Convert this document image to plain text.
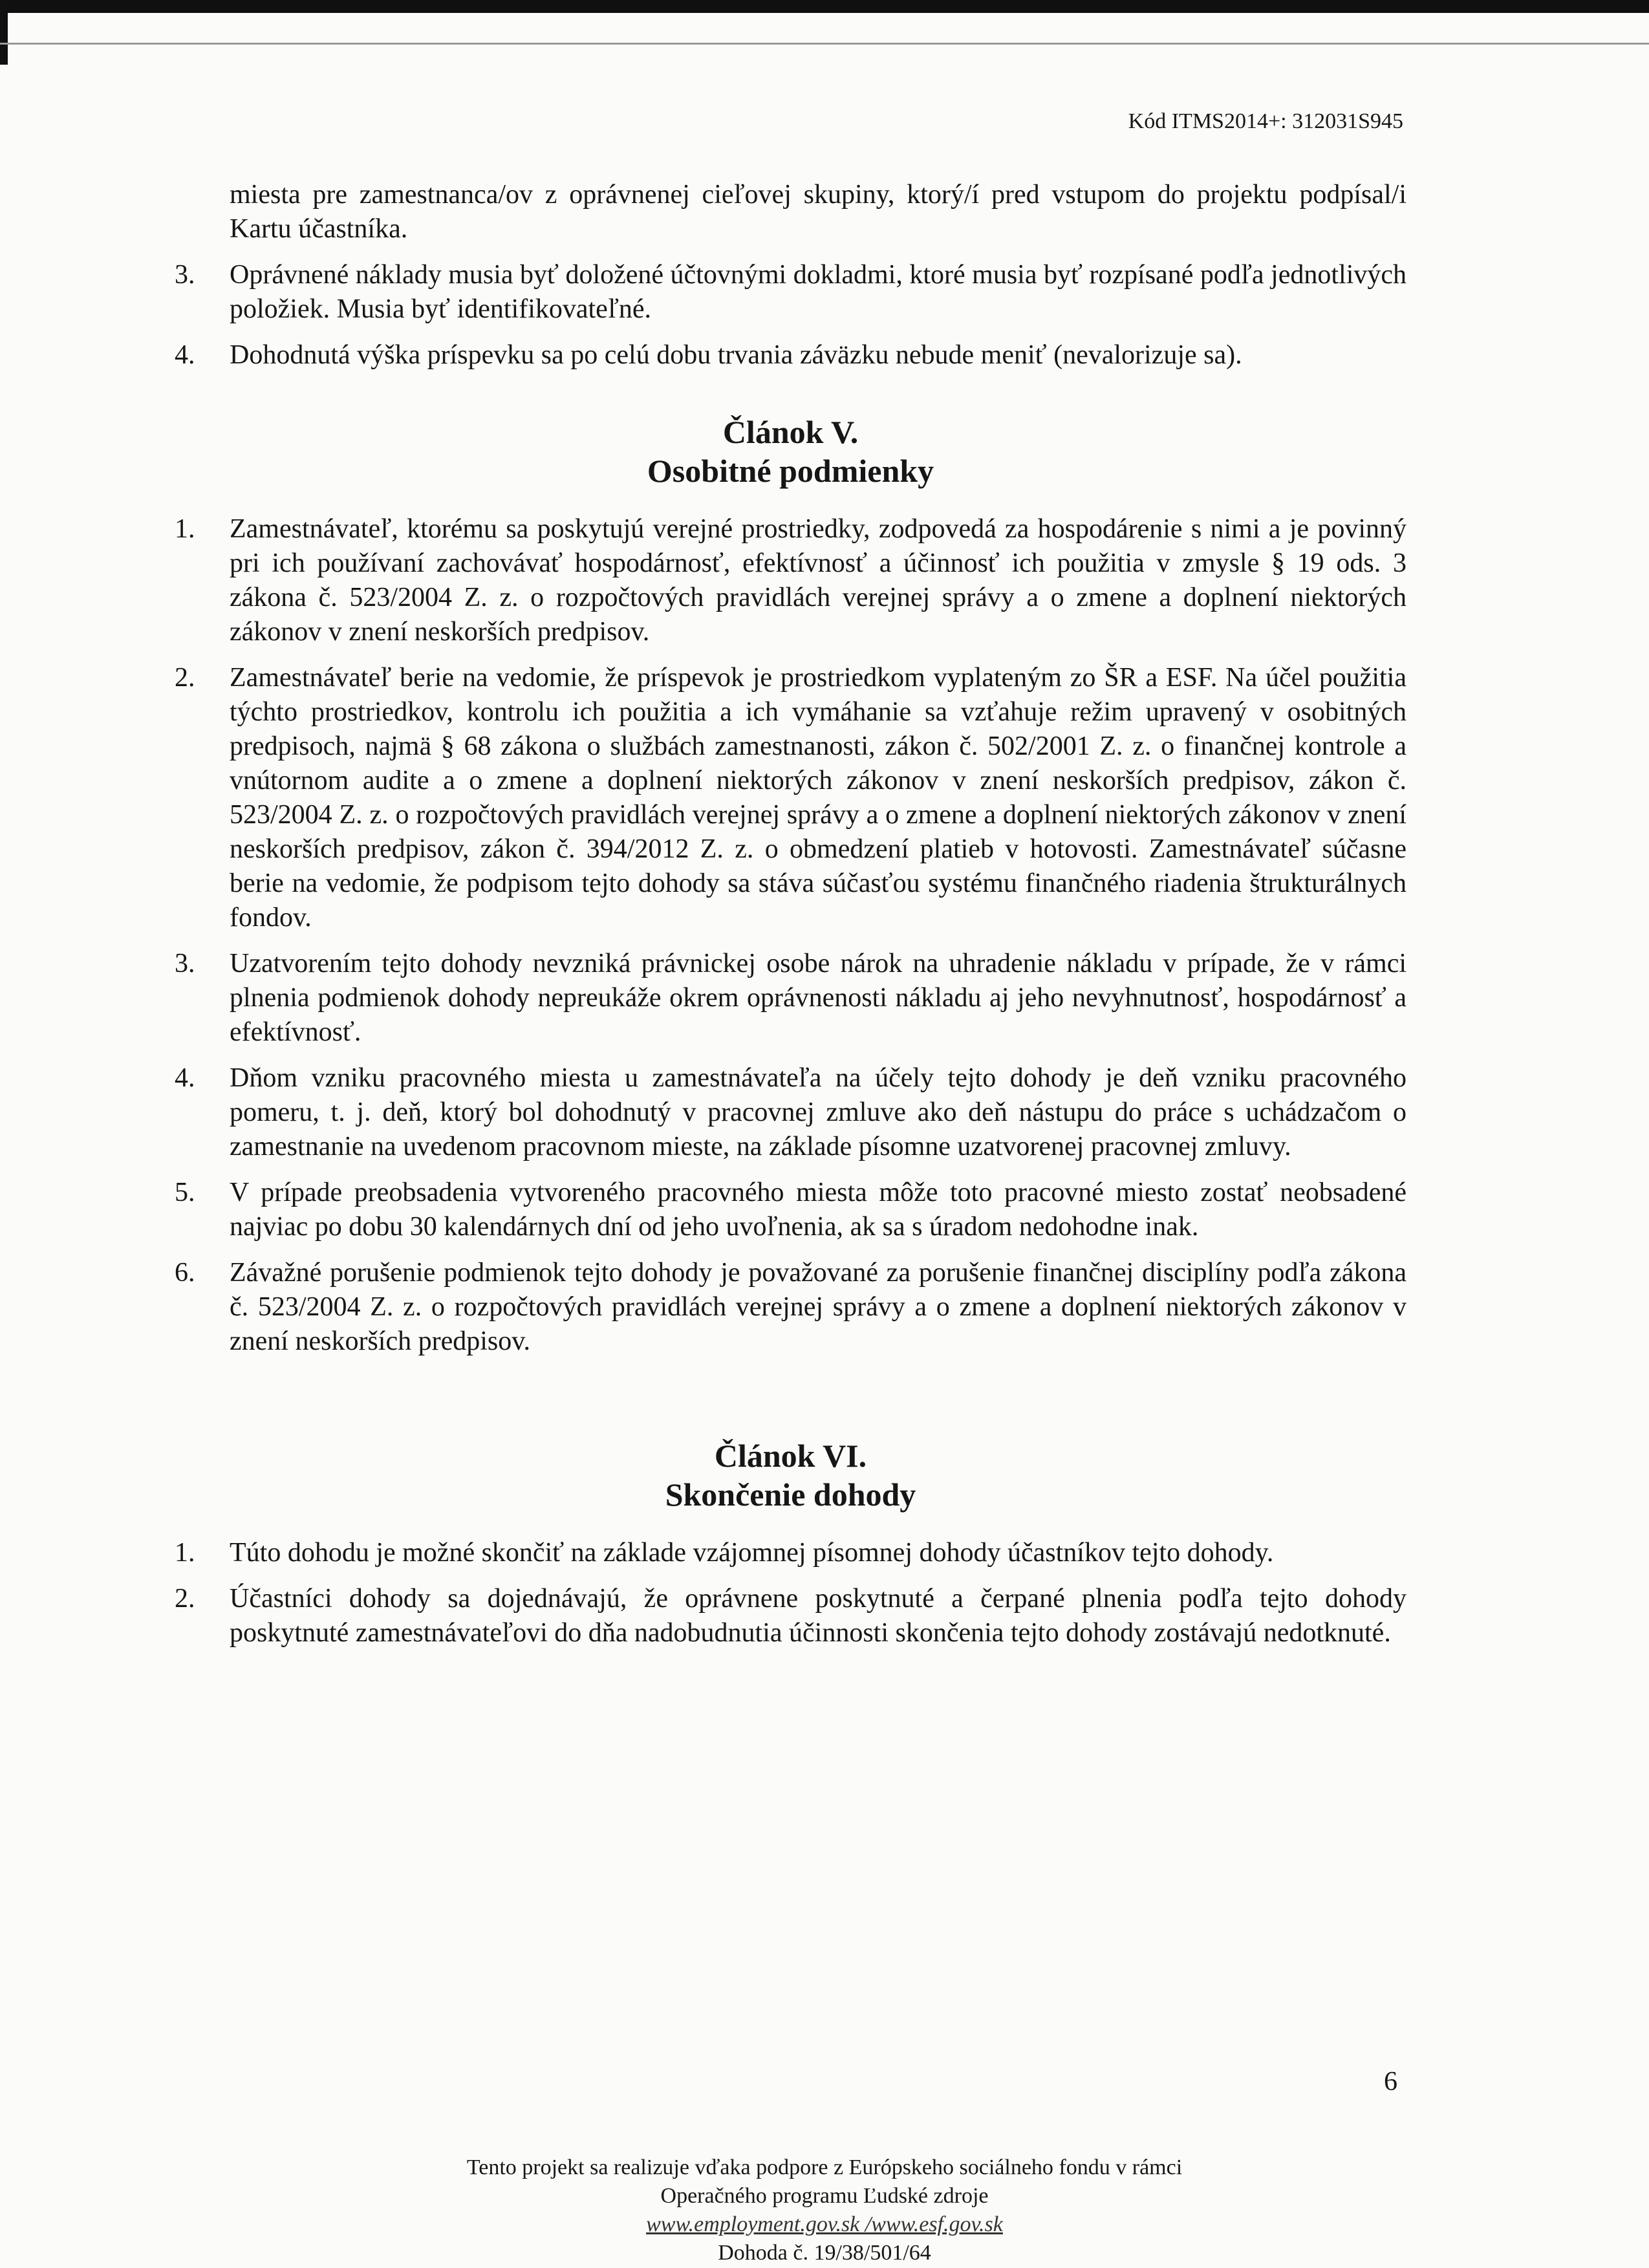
Kód ITMS2014+: 312031S945
miesta pre zamestnanca/ov z oprávnenej cieľovej skupiny, ktorý/í pred vstupom do projektu podpísal/i Kartu účastníka.
3.	Oprávnené náklady musia byť doložené účtovnými dokladmi, ktoré musia byť rozpísané podľa jednotlivých položiek. Musia byť identifikovateľné.
4.	Dohodnutá výška príspevku sa po celú dobu trvania záväzku nebude meniť (nevalorizuje sa).
Článok V.
Osobitné podmienky
1.	Zamestnávateľ, ktorému sa poskytujú verejné prostriedky, zodpovedá za hospodárenie s nimi a je povinný pri ich používaní zachovávať hospodárnosť, efektívnosť a účinnosť ich použitia v zmysle § 19 ods. 3 zákona č. 523/2004 Z. z. o rozpočtových pravidlách verejnej správy a o zmene a doplnení niektorých zákonov v znení neskorších predpisov.
2.	Zamestnávateľ berie na vedomie, že príspevok je prostriedkom vyplateným zo ŠR a ESF. Na účel použitia týchto prostriedkov, kontrolu ich použitia a ich vymáhanie sa vzťahuje režim upravený v osobitných predpisoch, najmä § 68 zákona o službách zamestnanosti, zákon č. 502/2001 Z. z. o finančnej kontrole a vnútornom audite a o zmene a doplnení niektorých zákonov v znení neskorších predpisov, zákon č. 523/2004 Z. z. o rozpočtových pravidlách verejnej správy a o zmene a doplnení niektorých zákonov v znení neskorších predpisov, zákon č. 394/2012 Z. z. o obmedzení platieb v hotovosti. Zamestnávateľ súčasne berie na vedomie, že podpisom tejto dohody sa stáva súčasťou systému finančného riadenia štrukturálnych fondov.
3.	Uzatvorením tejto dohody nevzniká právnickej osobe nárok na uhradenie nákladu v prípade, že v rámci plnenia podmienok dohody nepreukáže okrem oprávnenosti nákladu aj jeho nevyhnutnosť, hospodárnosť a efektívnosť.
4.	Dňom vzniku pracovného miesta u zamestnávateľa na účely tejto dohody je deň vzniku pracovného pomeru, t. j. deň, ktorý bol dohodnutý v pracovnej zmluve ako deň nástupu do práce s uchádzačom o zamestnanie na uvedenom pracovnom mieste, na základe písomne uzatvorenej pracovnej zmluvy.
5.	V prípade preobsadenia vytvoreného pracovného miesta môže toto pracovné miesto zostať neobsadené najviac po dobu 30 kalendárnych dní od jeho uvoľnenia, ak sa s úradom nedohodne inak.
6.	Závažné porušenie podmienok tejto dohody je považované za porušenie finančnej disciplíny podľa zákona č. 523/2004 Z. z. o rozpočtových pravidlách verejnej správy a o zmene a doplnení niektorých zákonov v znení neskorších predpisov.
Článok VI.
Skončenie dohody
1.	Túto dohodu je možné skončiť na základe vzájomnej písomnej dohody účastníkov tejto dohody.
2.	Účastníci dohody sa dojednávajú, že oprávnene poskytnuté a čerpané plnenia podľa tejto dohody poskytnuté zamestnávateľovi do dňa nadobudnutia účinnosti skončenia tejto dohody zostávajú nedotknuté.
6
Tento projekt sa realizuje vďaka podpore z Európskeho sociálneho fondu v rámci
Operačného programu Ľudské zdroje
www.employment.gov.sk /www.esf.gov.sk
Dohoda č. 19/38/501/64
